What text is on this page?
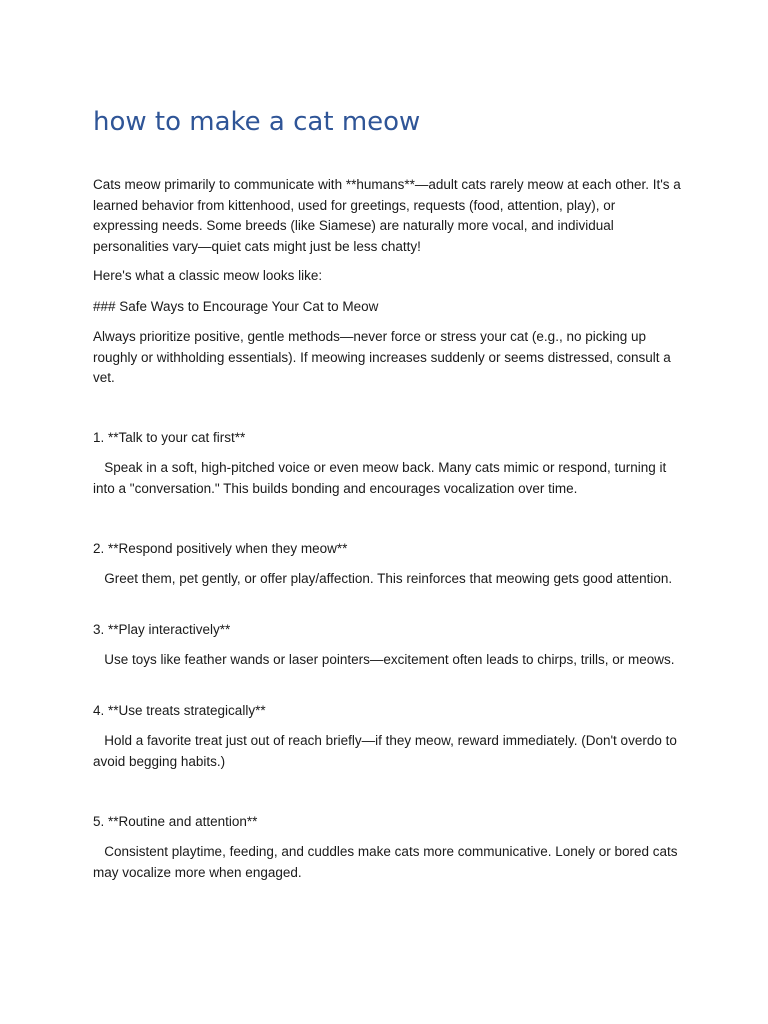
how to make a cat meow

Cats meow primarily to communicate with **humans**—adult cats rarely meow at each other. It's a learned behavior from kittenhood, used for greetings, requests (food, attention, play), or expressing needs. Some breeds (like Siamese) are naturally more vocal, and individual personalities vary—quiet cats might just be less chatty!

Here's what a classic meow looks like:

### Safe Ways to Encourage Your Cat to Meow

Always prioritize positive, gentle methods—never force or stress your cat (e.g., no picking up roughly or withholding essentials). If meowing increases suddenly or seems distressed, consult a vet.

1. **Talk to your cat first**

Speak in a soft, high-pitched voice or even meow back. Many cats mimic or respond, turning it into a "conversation." This builds bonding and encourages vocalization over time.

2. **Respond positively when they meow**

Greet them, pet gently, or offer play/affection. This reinforces that meowing gets good attention.

3. **Play interactively**

Use toys like feather wands or laser pointers—excitement often leads to chirps, trills, or meows.

4. **Use treats strategically**

Hold a favorite treat just out of reach briefly—if they meow, reward immediately. (Don't overdo to avoid begging habits.)

5. **Routine and attention**

Consistent playtime, feeding, and cuddles make cats more communicative. Lonely or bored cats may vocalize more when engaged.
